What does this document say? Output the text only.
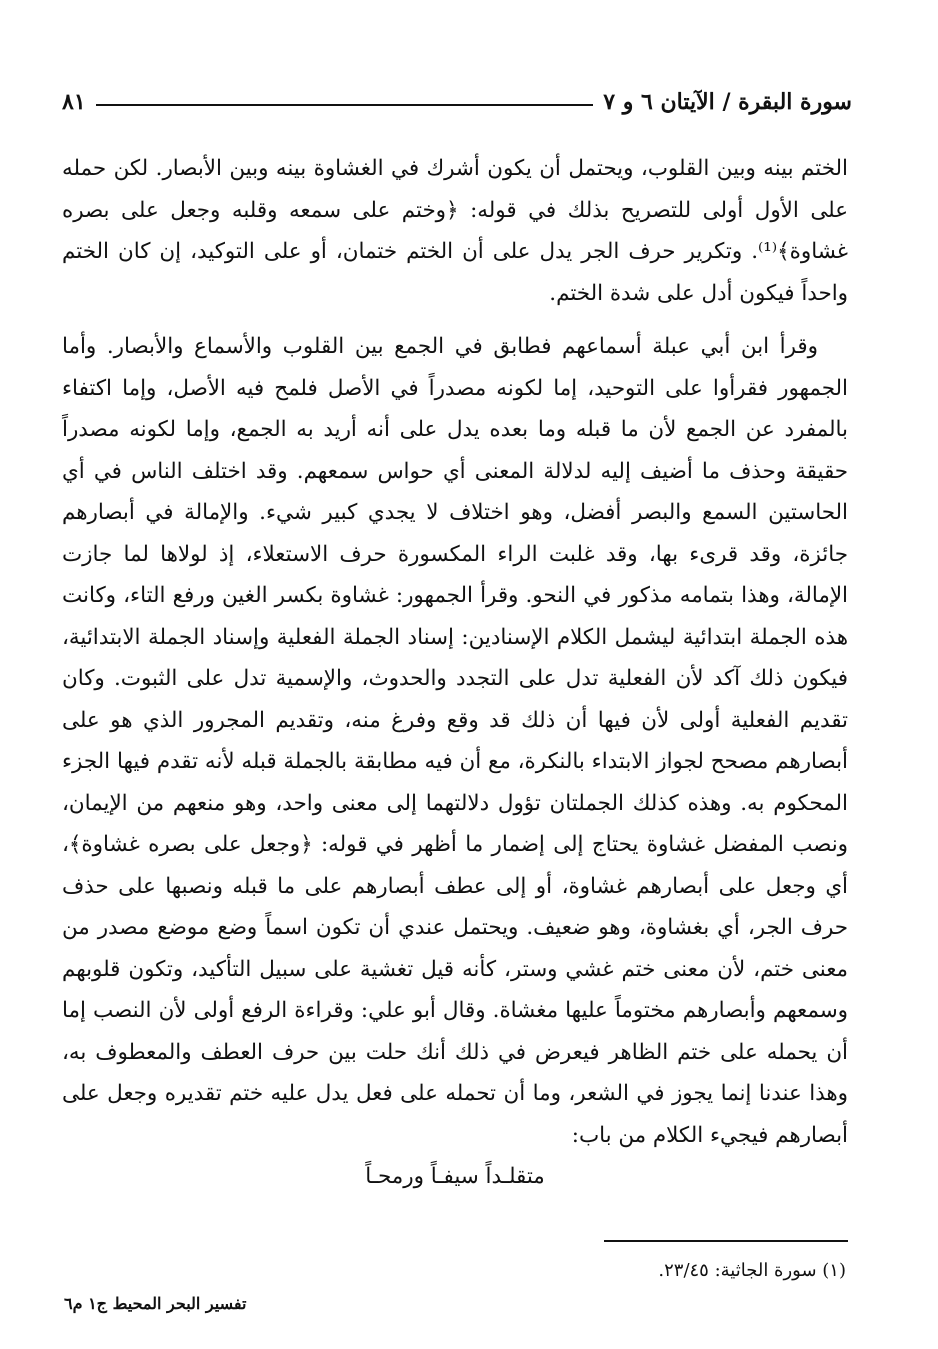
سورة البقرة / الآيتان ٦ و ٧
٨١

الختم بينه وبين القلوب، ويحتمل أن يكون أشرك في الغشاوة بينه وبين الأبصار. لكن حمله على الأول أولى للتصريح بذلك في قوله: ﴿وختم على سمعه وقلبه وجعل على بصره غشاوة﴾⁽¹⁾. وتكرير حرف الجر يدل على أن الختم ختمان، أو على التوكيد، إن كان الختم واحداً فيكون أدل على شدة الختم.

وقرأ ابن أبي عبلة أسماعهم فطابق في الجمع بين القلوب والأسماع والأبصار. وأما الجمهور فقرأوا على التوحيد، إما لكونه مصدراً في الأصل فلمح فيه الأصل، وإما اكتفاء بالمفرد عن الجمع لأن ما قبله وما بعده يدل على أنه أريد به الجمع، وإما لكونه مصدراً حقيقة وحذف ما أضيف إليه لدلالة المعنى أي حواس سمعهم. وقد اختلف الناس في أي الحاستين السمع والبصر أفضل، وهو اختلاف لا يجدي كبير شيء. والإمالة في أبصارهم جائزة، وقد قرىء بها، وقد غلبت الراء المكسورة حرف الاستعلاء، إذ لولاها لما جازت الإمالة، وهذا بتمامه مذكور في النحو. وقرأ الجمهور: غشاوة بكسر الغين ورفع التاء، وكانت هذه الجملة ابتدائية ليشمل الكلام الإسنادين: إسناد الجملة الفعلية وإسناد الجملة الابتدائية، فيكون ذلك آكد لأن الفعلية تدل على التجدد والحدوث، والإسمية تدل على الثبوت. وكان تقديم الفعلية أولى لأن فيها أن ذلك قد وقع وفرغ منه، وتقديم المجرور الذي هو على أبصارهم مصحح لجواز الابتداء بالنكرة، مع أن فيه مطابقة بالجملة قبله لأنه تقدم فيها الجزء المحكوم به. وهذه كذلك الجملتان تؤول دلالتهما إلى معنى واحد، وهو منعهم من الإيمان، ونصب المفضل غشاوة يحتاج إلى إضمار ما أظهر في قوله: ﴿وجعل على بصره غشاوة﴾، أي وجعل على أبصارهم غشاوة، أو إلى عطف أبصارهم على ما قبله ونصبها على حذف حرف الجر، أي بغشاوة، وهو ضعيف. ويحتمل عندي أن تكون اسماً وضع موضع مصدر من معنى ختم، لأن معنى ختم غشي وستر، كأنه قيل تغشية على سبيل التأكيد، وتكون قلوبهم وسمعهم وأبصارهم مختوماً عليها مغشاة. وقال أبو علي: وقراءة الرفع أولى لأن النصب إما أن يحمله على ختم الظاهر فيعرض في ذلك أنك حلت بين حرف العطف والمعطوف به، وهذا عندنا إنما يجوز في الشعر، وما أن تحمله على فعل يدل عليه ختم تقديره وجعل على أبصارهم فيجيء الكلام من باب:

متقلـداً سيفـاً ورمحـاً

(١) سورة الجاثية: ٢٣/٤٥.
تفسير البحر المحيط ج١ م٦
